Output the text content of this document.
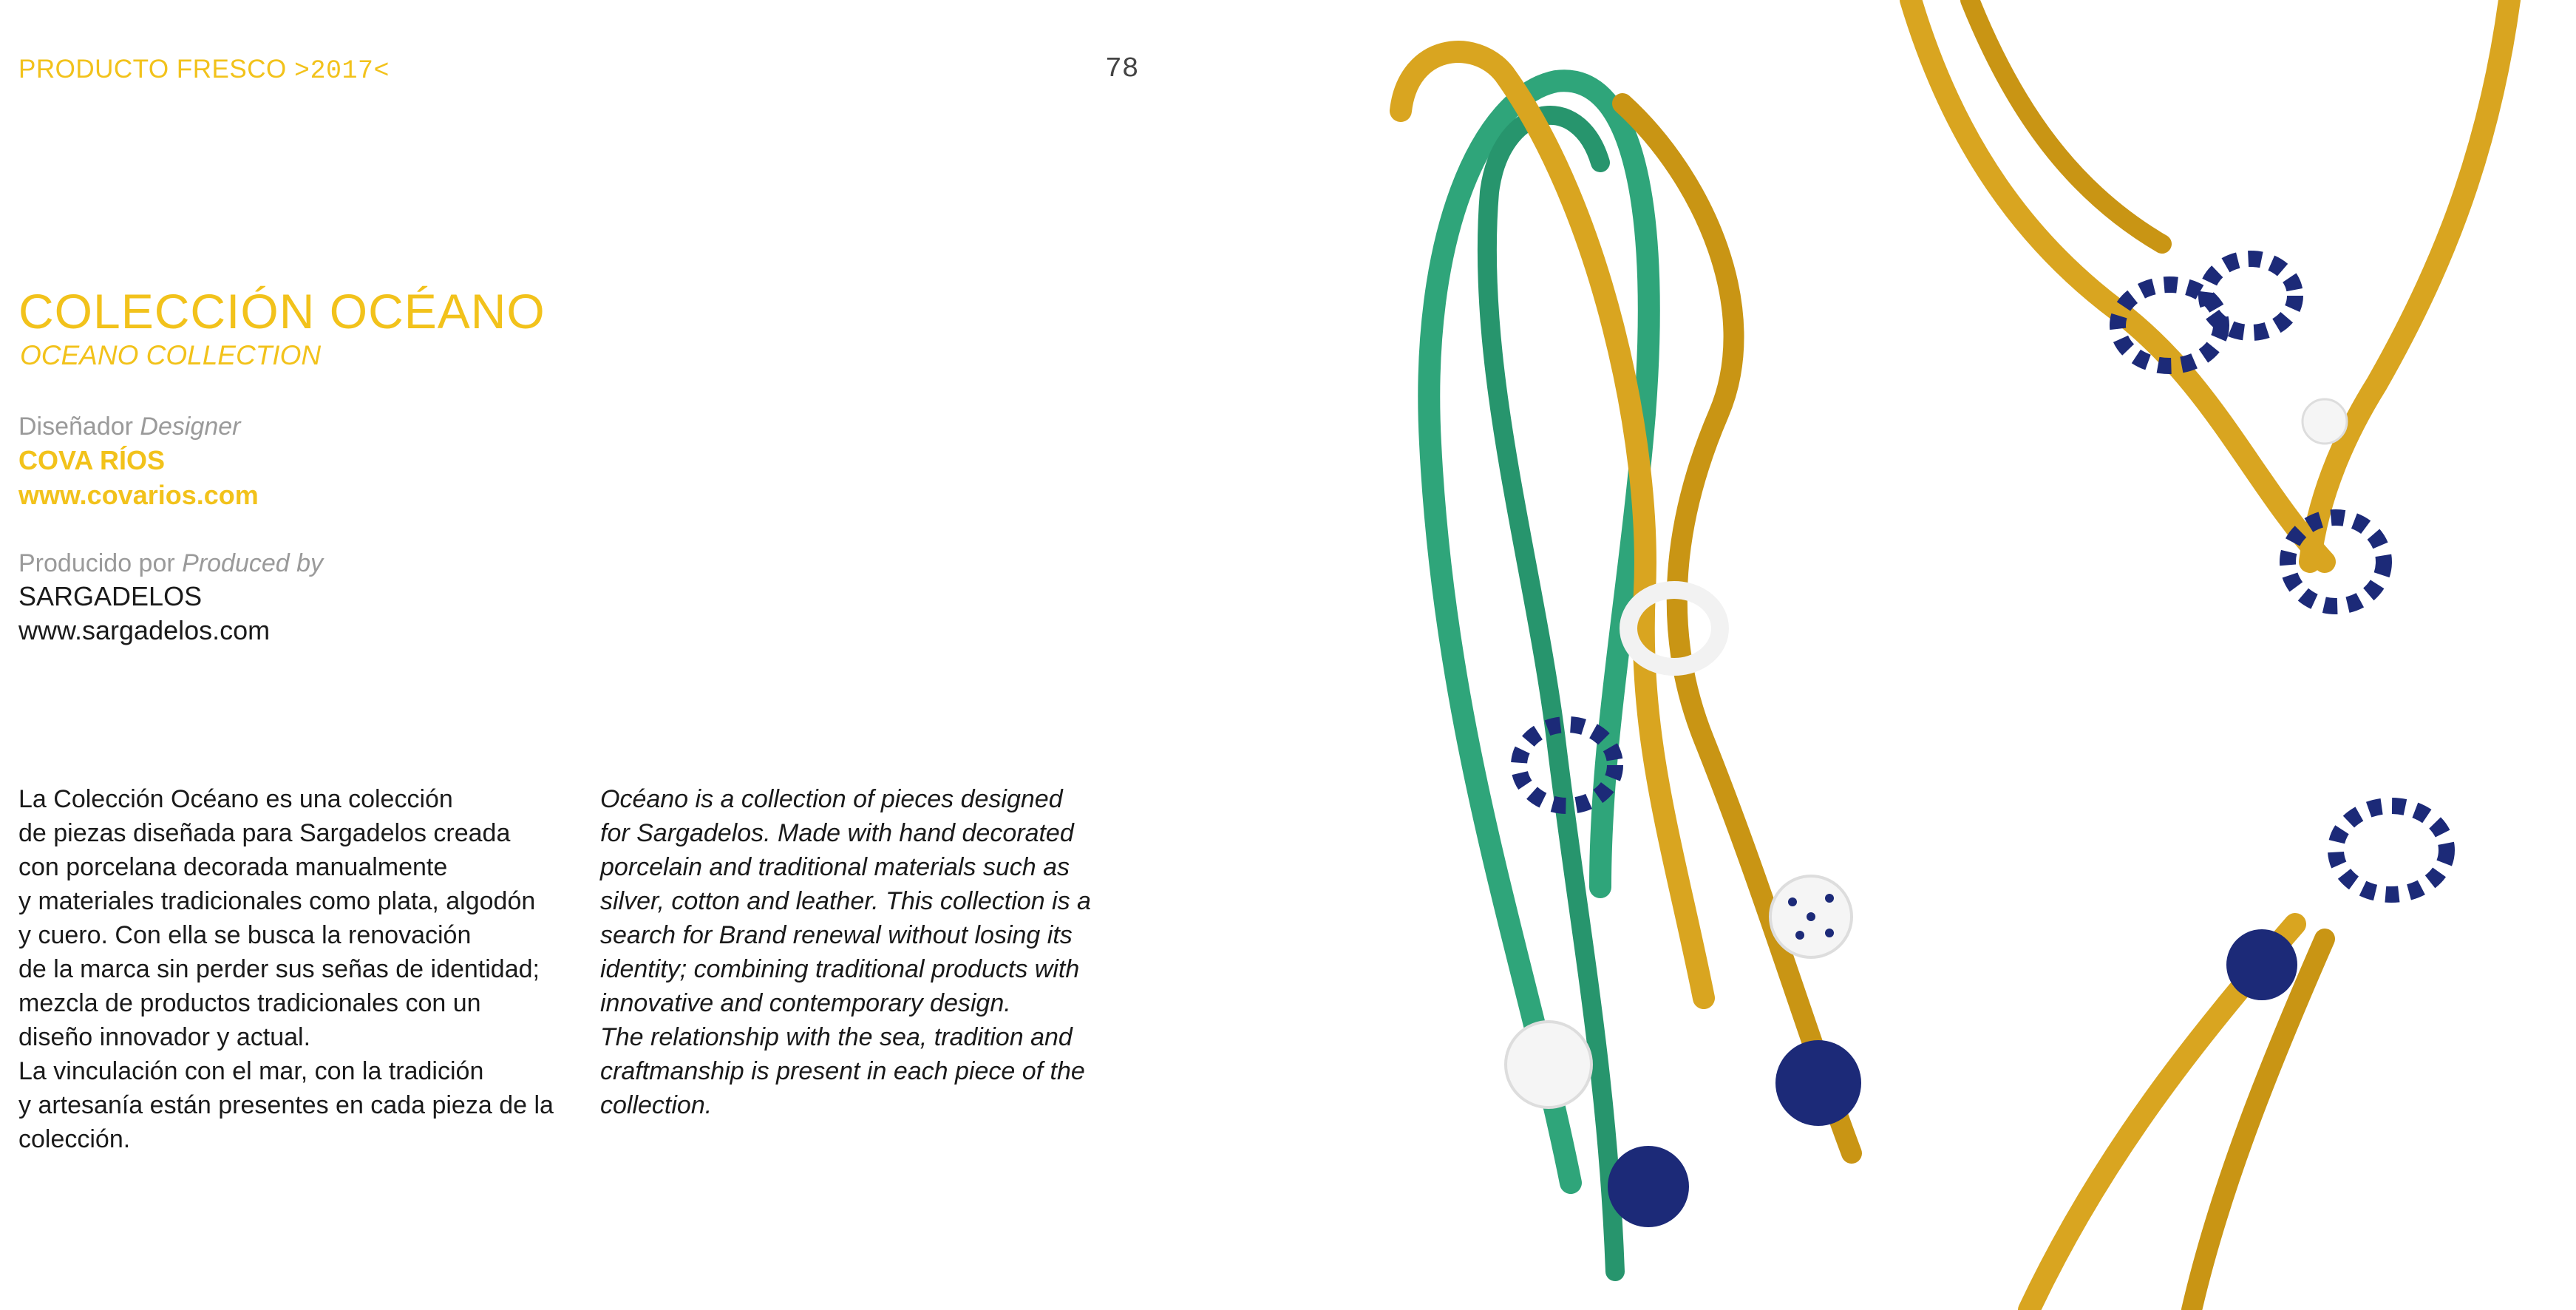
PRODUCTO FRESCO >2017<	78
COLECCIÓN OCÉANO
OCEANO COLLECTION
Diseñador Designer
COVA RÍOS
www.covarios.com
Producido por Produced by
SARGADELOS
www.sargadelos.com
La Colección Océano es una colección
de piezas diseñada para Sargadelos creada
con porcelana decorada manualmente
y materiales tradicionales como plata, algodón
y cuero. Con ella se busca la renovación
de la marca sin perder sus señas de identidad;
mezcla de productos tradicionales con un
diseño innovador y actual.
La vinculación con el mar, con la tradición
y artesanía están presentes en cada pieza de la
colección.
Océano is a collection of pieces designed
for Sargadelos. Made with hand decorated
porcelain and traditional materials such as
silver, cotton and leather. This collection is a
search for Brand renewal without losing its
identity; combining traditional products with
innovative and contemporary design.
The relationship with the sea, tradition and
craftmanship is present in each piece of the
collection.
